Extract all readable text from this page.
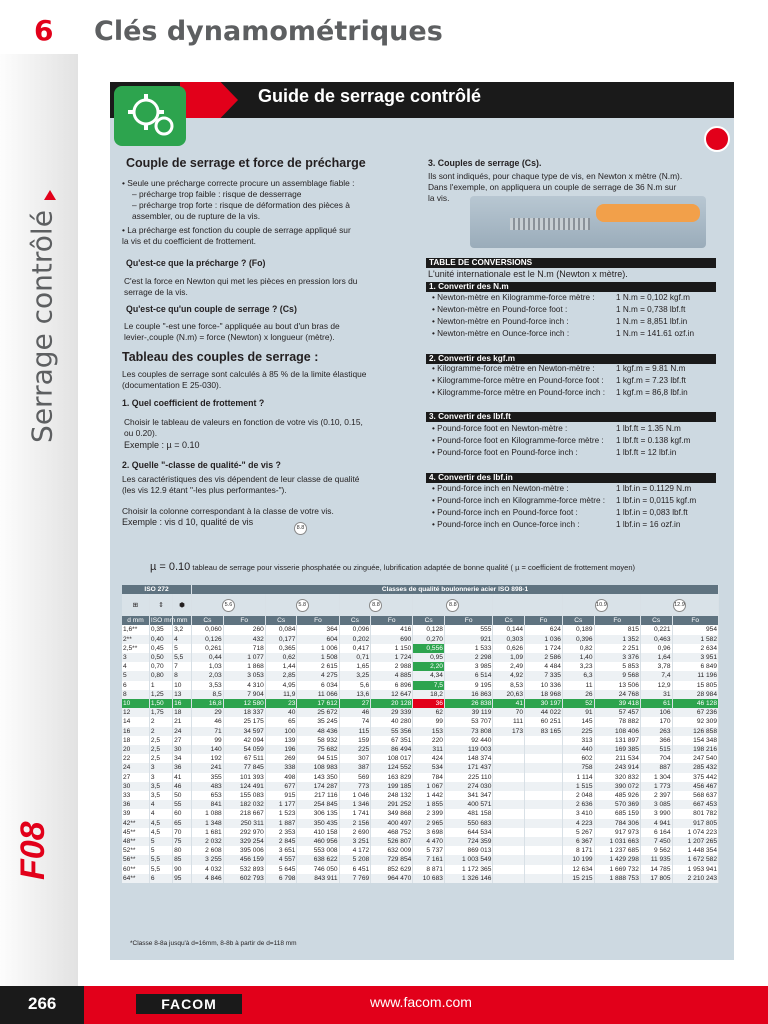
6 Clés dynamométriques
Serrage contrôlé
F08
Guide de serrage contrôlé
Couple de serrage et force de précharge
• Seule une précharge correcte procure un assemblage fiable :
– précharge trop faible : risque de desserrage
– précharge trop forte : risque de déformation des pièces à
assembler, ou de rupture de la vis.
• La précharge est fonction du couple de serrage appliqué sur
la vis et du coefficient de frottement.
Qu'est-ce que la précharge ? (Fo)
C'est la force en Newton qui met les pièces en pression lors du
serrage de la vis.
Qu'est-ce qu'un couple de serrage ? (Cs)
Le couple "-est une force-" appliquée au bout d'un bras de
levier-,couple (N.m) = force (Newton) x longueur (mètre).
Tableau des couples de serrage :
Les couples de serrage sont calculés à 85 % de la limite élastique
(documentation E 25-030).
1. Quel coefficient de frottement ?
Choisir le tableau de valeurs en fonction de votre vis (0.10, 0.15,
ou 0.20).
Exemple : µ = 0.10
2. Quelle "-classe de qualité-" de vis ?
Les caractéristiques des vis dépendent de leur classe de qualité
(les vis 12.9 étant "-les plus performantes-").
Choisir la colonne correspondant à la classe de votre vis.
Exemple : vis d 10, qualité de vis
8.8
3. Couples de serrage (Cs).
Ils sont indiqués, pour chaque type de vis, en Newton x mètre (N.m).
Dans l'exemple, on appliquera un couple de serrage de 36 N.m sur
la vis.
TABLE DE CONVERSIONS
L'unité internationale est le N.m (Newton x mètre).
1. Convertir des N.m
• Newton-mètre en Kilogramme-force mètre :	1 N.m = 0,102 kgf.m
• Newton-mètre en Pound-force foot :	1 N.m = 0,738 lbf.ft
• Newton-mètre en Pound-force inch :	1 N.m = 8,851 lbf.in
• Newton-mètre en Ounce-force inch :	1 N.m = 141.61 ozf.in
2. Convertir des kgf.m
• Kilogramme-force mètre en Newton-mètre :	1 kgf.m = 9.81 N.m
• Kilogramme-force mètre en Pound-force foot : 1 kgf.m = 7.23 lbf.ft
• Kilogramme-force mètre en Pound-force inch : 1 kgf.m = 86,8 lbf.in
3. Convertir des lbf.ft
• Pound-force foot en Newton-mètre :	1 lbf.ft = 1.35 N.m
• Pound-force foot en Kilogramme-force mètre : 1 lbf.ft = 0.138 kgf.m
• Pound-force foot en Pound-force inch :	1 lbf.ft = 12 lbf.in
4. Convertir des lbf.in
• Pound-force inch en Newton-mètre :	1 lbf.in = 0.1129 N.m
• Pound-force inch en Kilogramme-force mètre : 1 lbf.in = 0,0115 kgf.m
• Pound-force inch en Pound-force foot :	1 lbf.in = 0,083 lbf.ft
• Pound-force inch en Ounce-force inch :	1 lbf.in = 16 ozf.in
µ = 0.10 tableau de serrage pour visserie phosphatée ou zinguée, lubrification adaptée de bonne qualité ( µ = coefficient de frottement moyen)
ISO 272			Classes de qualité boulonnerie acier ISO 898-1													
⊞	⇕	⬢	5.6		5.8		8.8		8.8				10.9		12.9	
d mm	ISO mm	mm	Cs	Fo	Cs	Fo	Cs	Fo	Cs	Fo	Cs	Fo	Cs	Fo	Cs	Fo
1,6**	0,35	3,2	0,060	260	0,084	364	0,096	416	0,128	555	0,144	624	0,189	815	0,221	954
2**	0,40	4	0,126	432	0,177	604	0,202	690	0,270	921	0,303	1 036	0,396	1 352	0,463	1 582
2,5**	0,45	5	0,261	718	0,365	1 006	0,417	1 150	0,556	1 533	0,626	1 724	0,82	2 251	0,96	2 634
3	0,50	5,5	0,44	1 077	0,62	1 508	0,71	1 724	0,95	2 298	1,09	2 586	1,40	3 376	1,64	3 951
4	0,70	7	1,03	1 868	1,44	2 615	1,65	2 988	2,20	3 985	2,49	4 484	3,23	5 853	3,78	6 849
5	0,80	8	2,03	3 053	2,85	4 275	3,25	4 885	4,34	6 514	4,92	7 335	6,3	9 568	7,4	11 196
6	1	10	3,53	4 310	4,95	6 034	5,6	6 896	7,5	9 195	8,53	10 336	11	13 506	12,9	15 805
8	1,25	13	8,5	7 904	11,9	11 066	13,6	12 647	18,2	16 863	20,63	18 968	26	24 768	31	28 984
10	1,50	16	16,8	12 580	23	17 612	27	20 128	36	26 838	41	30 197	52	39 418	61	46 128
12	1,75	18	29	18 337	40	25 672	46	29 339	62	39 119	70	44 022	91	57 457	106	67 236
14	2	21	46	25 175	65	35 245	74	40 280	99	53 707	111	60 251	145	78 882	170	92 309
16	2	24	71	34 597	100	48 436	115	55 356	153	73 808	173	83 165	225	108 406	263	126 858
18	2,5	27	99	42 094	139	58 932	159	67 351	220	92 440			313	131 897	366	154 348
20	2,5	30	140	54 059	196	75 682	225	86 494	311	119 003			440	169 385	515	198 216
22	2,5	34	192	67 511	269	94 515	307	108 017	424	148 374			602	211 534	704	247 540
24	3	36	241	77 845	338	108 983	387	124 552	534	171 437			758	243 914	887	285 432
27	3	41	355	101 393	498	143 350	569	163 829	784	225 110			1 114	320 832	1 304	375 442
30	3,5	46	483	124 491	677	174 287	773	199 185	1 067	274 030			1 515	390 072	1 773	456 467
33	3,5	50	653	155 083	915	217 116	1 046	248 132	1 442	341 347			2 048	485 926	2 397	568 637
36	4	55	841	182 032	1 177	254 845	1 346	291 252	1 855	400 571			2 636	570 369	3 085	667 453
39	4	60	1 088	218 667	1 523	306 135	1 741	349 868	2 399	481 158			3 410	685 159	3 990	801 782
42**	4,5	65	1 348	250 311	1 887	350 435	2 156	400 497	2 965	550 683			4 223	784 306	4 941	917 805
45**	4,5	70	1 681	292 970	2 353	410 158	2 690	468 752	3 698	644 534			5 267	917 973	6 164	1 074 223
48**	5	75	2 032	329 254	2 845	460 956	3 251	526 807	4 470	724 359			6 367	1 031 663	7 450	1 207 265
52**	5	80	2 608	395 006	3 651	553 008	4 172	632 009	5 737	869 013			8 171	1 237 685	9 562	1 448 354
56**	5,5	85	3 255	456 159	4 557	638 622	5 208	729 854	7 161	1 003 549			10 199	1 429 298	11 935	1 672 582
60**	5,5	90	4 032	532 893	5 645	746 050	6 451	852 629	8 871	1 172 365			12 634	1 669 732	14 785	1 953 941
64**	6	95	4 846	602 793	6 798	843 911	7 769	964 470	10 683	1 326 146			15 215	1 888 753	17 805	2 210 243
*Classe 8-8a jusqu'à d=16mm, 8-8b à partir de d=118 mm
266	FACOM	www.facom.com
